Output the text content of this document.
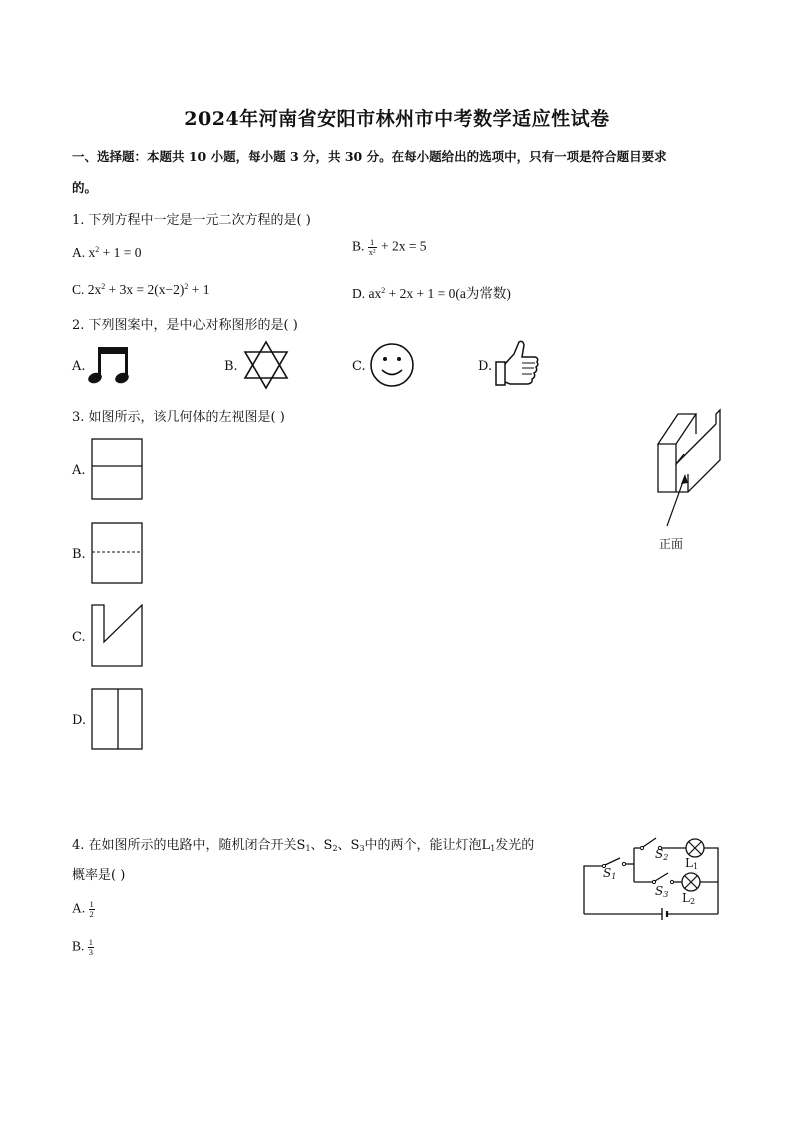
2024年河南省安阳市林州市中考数学适应性试卷
一、选择题：本题共 10 小题，每小题 3 分，共 30 分。在每小题给出的选项中，只有一项是符合题目要求
的。
1. 下列方程中一定是一元二次方程的是( )
A. $x^2 + 1 = 0$	B. $\frac{1}{\text{x²}} + 2x = 5$
C. $2x^2 + 3x = 2(x-2)^2 + 1$	D. $ax^2 + 2x + 1 = 0(a$为常数)
2. 下列图案中，是中心对称图形的是( )
A.	B.	C.	D.
3. 如图所示，该几何体的左视图是( )
A.
B.
C.
D.
正面
4. 在如图所示的电路中，随机闭合开关$S_1$、$S_2$、$S_3$中的两个，能让灯泡$L_1$发光的
概率是( )
A. $\frac{1}{2}$
B. $\frac{1}{3}$
$S_1$
$S_2$
$S_3$
$L_1$
$L_2$
